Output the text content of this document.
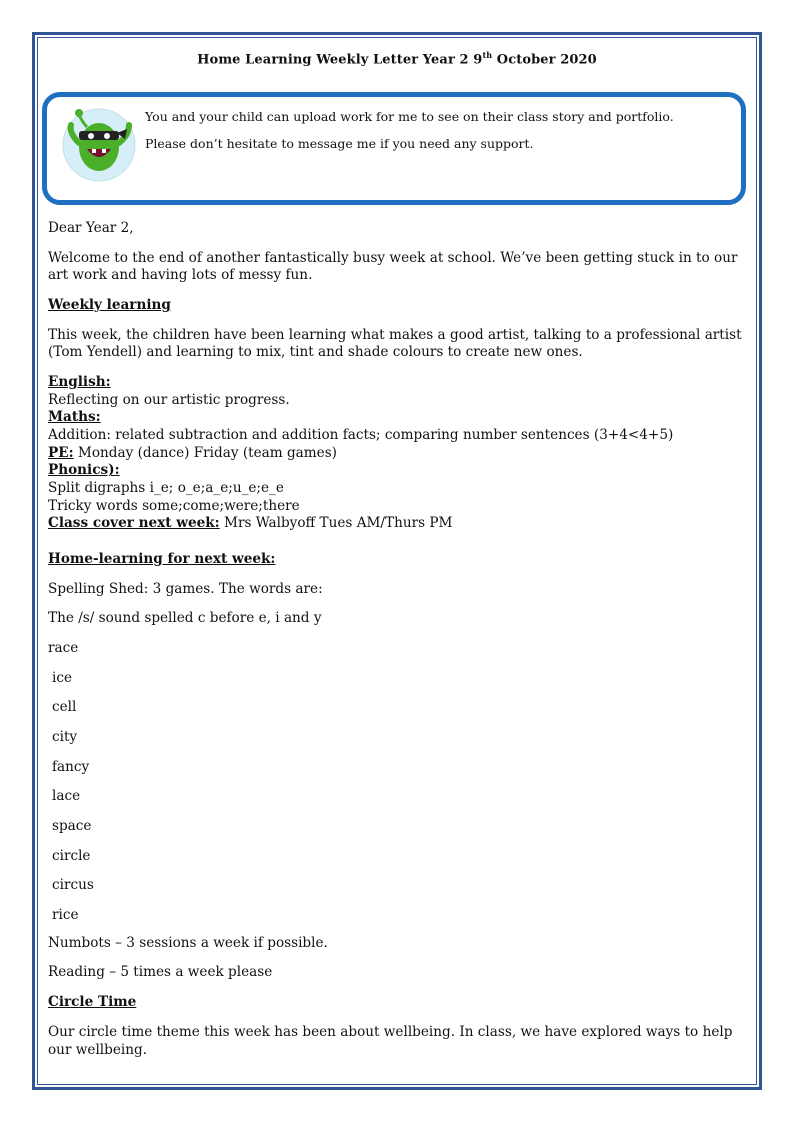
Home Learning Weekly Letter Year 2 9th October 2020

You and your child can upload work for me to see on their class story and portfolio.

Please don’t hesitate to message me if you need any support.

Dear Year 2,

Welcome to the end of another fantastically busy week at school. We’ve been getting stuck in to our art work and having lots of messy fun.

Weekly learning

This week, the children have been learning what makes a good artist, talking to a professional artist (Tom Yendell) and learning to mix, tint and shade colours to create new ones.

English:
Reflecting on our artistic progress.
Maths:
Addition: related subtraction and addition facts; comparing number sentences (3+4<4+5)
PE: Monday (dance) Friday (team games)
Phonics):
Split digraphs i_e; o_e;a_e;u_e;e_e
Tricky words some;come;were;there
Class cover next week: Mrs Walbyoff Tues AM/Thurs PM

Home-learning for next week:

Spelling Shed: 3 games. The words are:

The /s/ sound spelled c before e, i and y

race

ice

cell

city

fancy

lace

space

circle

circus

rice

Numbots – 3 sessions a week if possible.

Reading – 5 times a week please

Circle Time

Our circle time theme this week has been about wellbeing. In class, we have explored ways to help our wellbeing.
